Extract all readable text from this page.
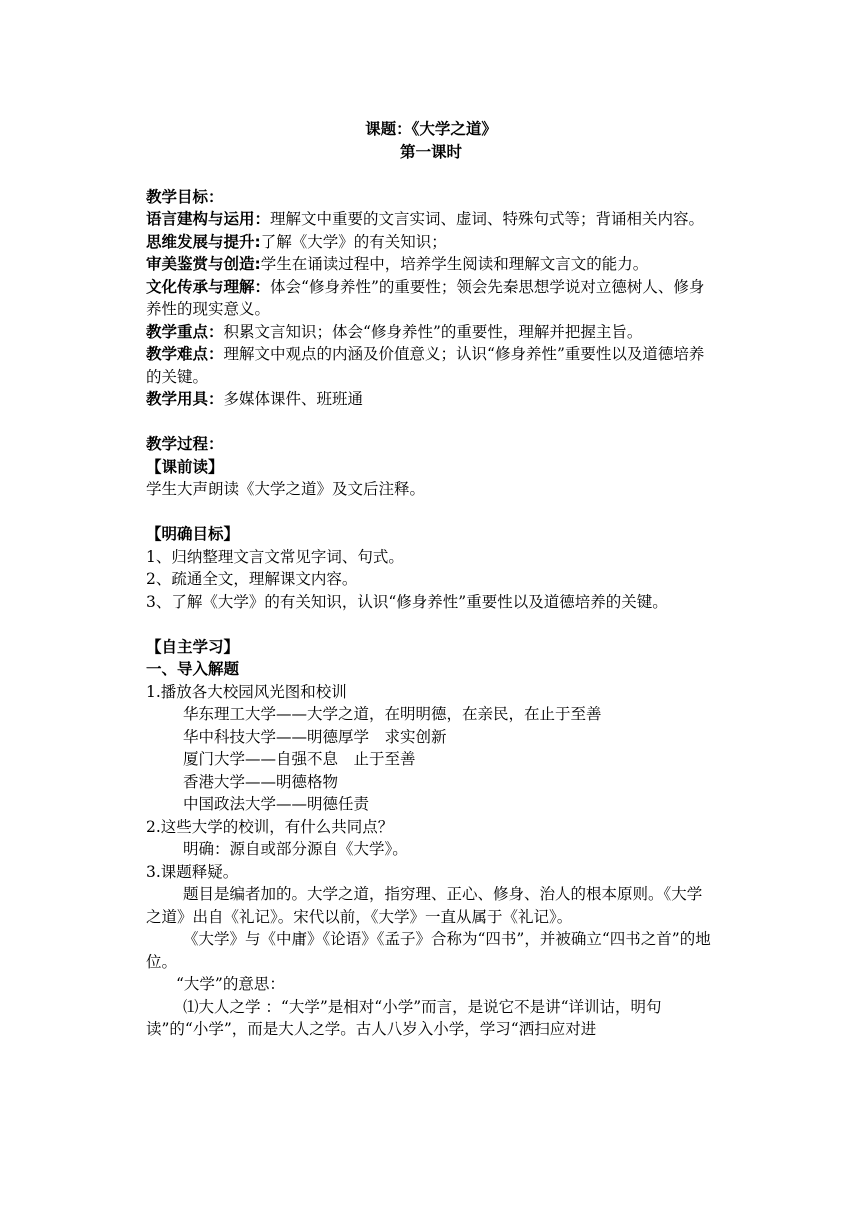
课题：《大学之道》
第一课时
教学目标：
语言建构与运用：理解文中重要的文言实词、虚词、特殊句式等；背诵相关内容。
思维发展与提升:了解《大学》的有关知识；
审美鉴赏与创造:学生在诵读过程中，培养学生阅读和理解文言文的能力。
文化传承与理解：体会“修身养性”的重要性；领会先秦思想学说对立德树人、修身养性的现实意义。
教学重点：积累文言知识；体会“修身养性”的重要性，理解并把握主旨。
教学难点：理解文中观点的内涵及价值意义；认识“修身养性”重要性以及道德培养的关键。
教学用具：多媒体课件、班班通
教学过程：
【课前读】
学生大声朗读《大学之道》及文后注释。
【明确目标】
1、归纳整理文言文常见字词、句式。
2、疏通全文，理解课文内容。
3、了解《大学》的有关知识，认识“修身养性”重要性以及道德培养的关键。
【自主学习】
一、导入解题
1.播放各大校园风光图和校训
华东理工大学——大学之道，在明明德，在亲民，在止于至善
华中科技大学——明德厚学　求实创新
厦门大学——自强不息　止于至善
香港大学——明德格物
中国政法大学——明德任责
2.这些大学的校训，有什么共同点？
明确：源自或部分源自《大学》。
3.课题释疑。
题目是编者加的。大学之道，指穷理、正心、修身、治人的根本原则。《大学之道》出自《礼记》。宋代以前，《大学》一直从属于《礼记》。
《大学》与《中庸》《论语》《孟子》合称为“四书”，并被确立“四书之首”的地位。
“大学”的意思：
⑴大人之学 ：“大学”是相对“小学”而言，是说它不是讲“详训诂，明句读”的“小学”，而是大人之学。古人八岁入小学，学习“洒扫应对进
